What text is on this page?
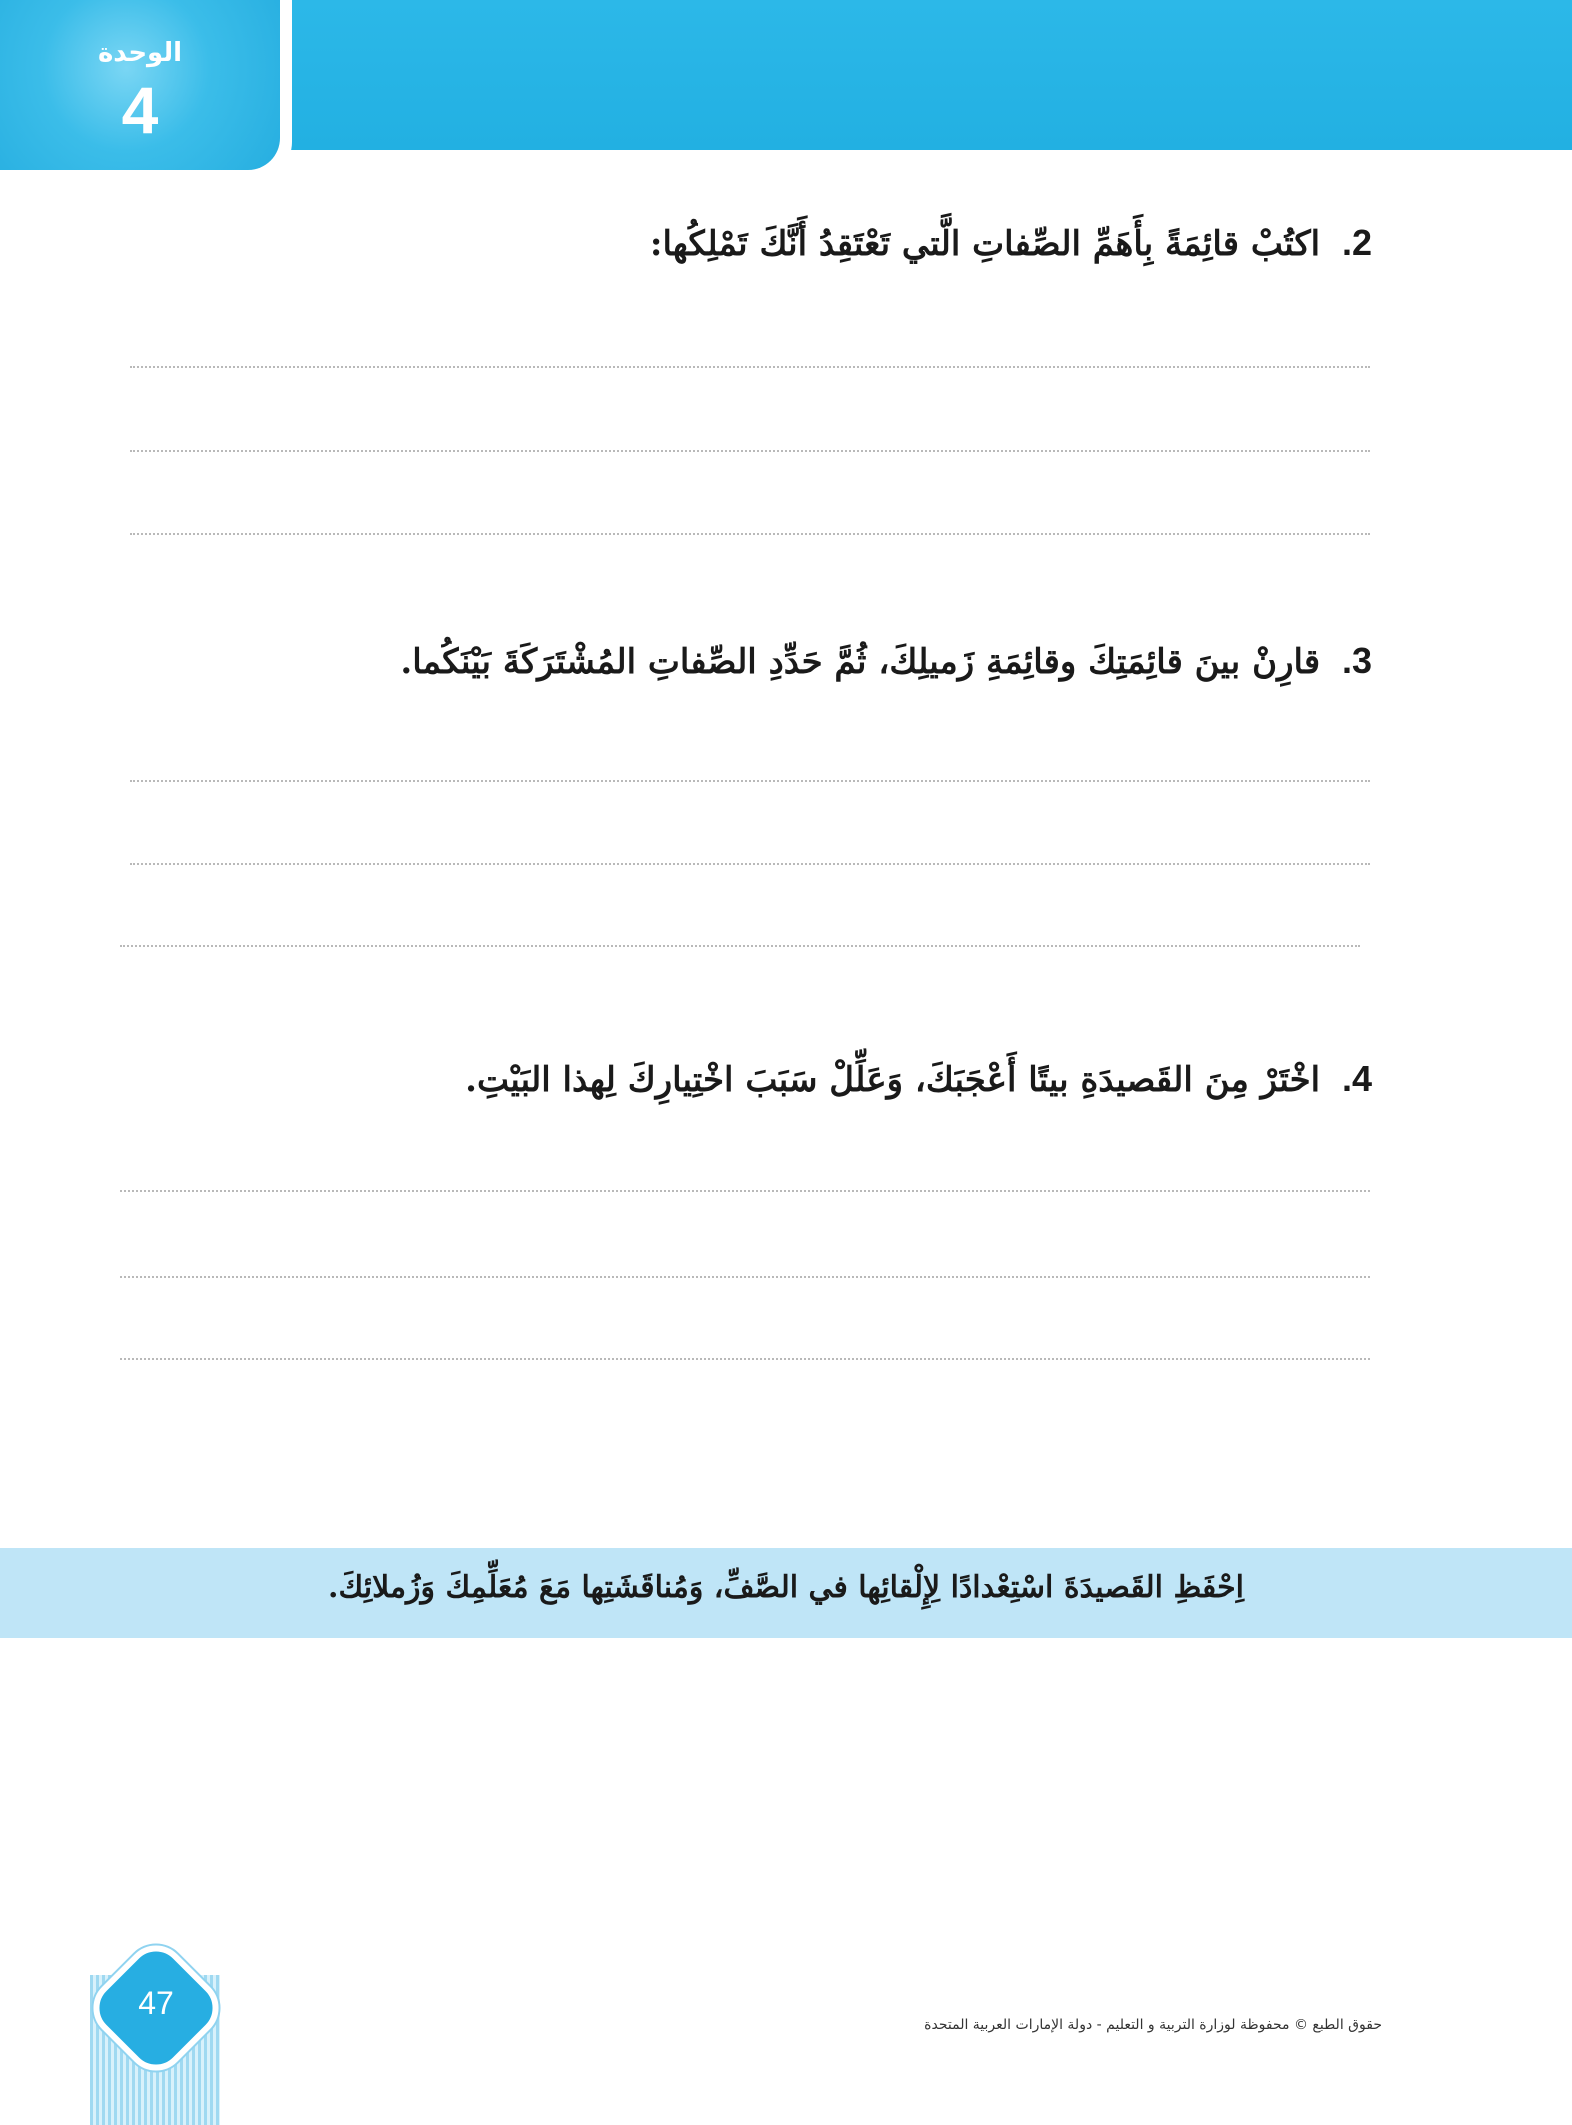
الوحدة
4
2. اكتُبْ قائِمَةً بِأَهَمِّ الصِّفاتِ الَّتي تَعْتَقِدُ أَنَّكَ تَمْلِكُها:
3. قارِنْ بينَ قائِمَتِكَ وقائِمَةِ زَميلِكَ، ثُمَّ حَدِّدِ الصِّفاتِ المُشْتَرَكَةَ بَيْنَكُما.
4. اخْتَرْ مِنَ القَصيدَةِ بيتًا أَعْجَبَكَ، وَعَلِّلْ سَبَبَ اخْتِيارِكَ لِهذا البَيْتِ.
اِحْفَظِ القَصيدَةَ اسْتِعْدادًا لِإِلْقائِها في الصَّفِّ، وَمُناقَشَتِها مَعَ مُعَلِّمِكَ وَزُملائِكَ.
47
حقوق الطبع © محفوظة لوزارة التربية و التعليم - دولة الإمارات العربية المتحدة
